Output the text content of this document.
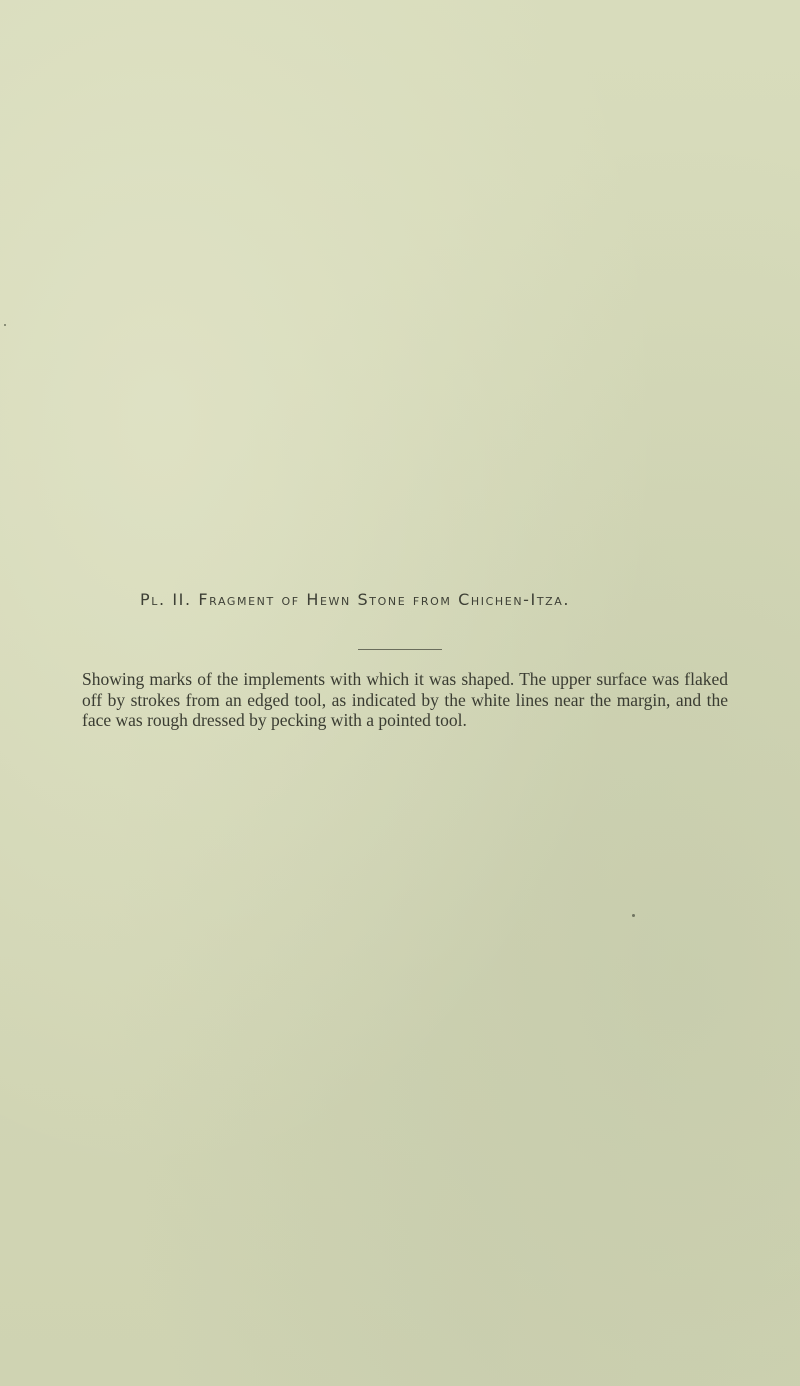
Pl. II. Fragment of Hewn Stone from Chichen-Itza.

Showing marks of the implements with which it was shaped. The upper surface was flaked off by strokes from an edged tool, as indicated by the white lines near the margin, and the face was rough dressed by pecking with a pointed tool.
